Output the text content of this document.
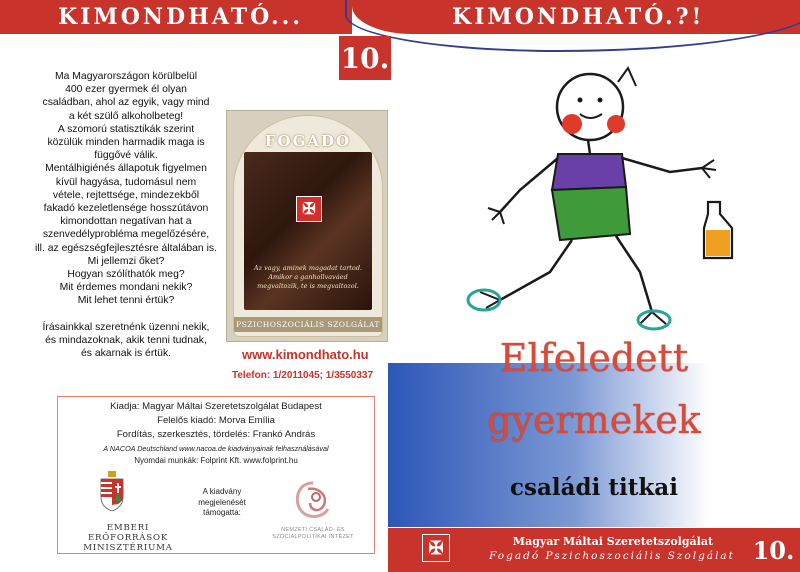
KIMONDHATÓ...	KIMONDHATÓ.?!
10.

Ma Magyarországon körülbelül

400 ezer gyermek él olyan

családban, ahol az egyik, vagy mind

a két szülő alkoholbeteg!

A szomorú statisztikák szerint

közülük minden harmadik maga is

függővé válik.

Mentálhigiénés állapotuk figyelmen

kívül hagyása, tudomásul nem

vétele, rejtettsége, mindezekből

fakadó kezeletlensége hosszútávon

kimondottan negatívan hat a

szenvedélyprobléma megelőzésére,

ill. az egészségfejlesztésre általában is.

Mi jellemzi őket?

Hogyan szólíthatók meg?

Mit érdemes mondani nekik?

Mit lehet tenni értük?

Írásainkkal szeretnénk üzenni nekik,

és mindazoknak, akik tenni tudnak,

és akarnak is értük.

FOGADÓ
✠
Az vagy, aminek magadat tartod. Amikor a ganhollvaváed megvaltozik, te is megvaltozol.
PSZICHOSZOCIÁLIS SZOLGÁLAT
www.kimondhato.hu
Telefon: 1/2011045; 1/3550337
Kiadja: Magyar Máltai Szeretetszolgálat Budapest
Felelős kiadó: Morva Emília
Fordítás, szerkesztés, tördelés: Frankó András
A NACOA Deutschland www.nacoa.de kiadványainak felhasználásával
Nyomdai munkák: Folprint Kft. www.folprint.hu
EMBERI ERŐFORRÁSOK MINISZTÉRIUMA
A kiadvány megjelenését támogatta:
NEMZETI CSALÁD- ÉS SZOCIÁLPOLITIKAI INTÉZET
Elfeledett
gyermekek
családi titkai
✠	Magyar Máltai Szeretetszolgálat
Fogadó Pszichoszociális Szolgálat 10.
